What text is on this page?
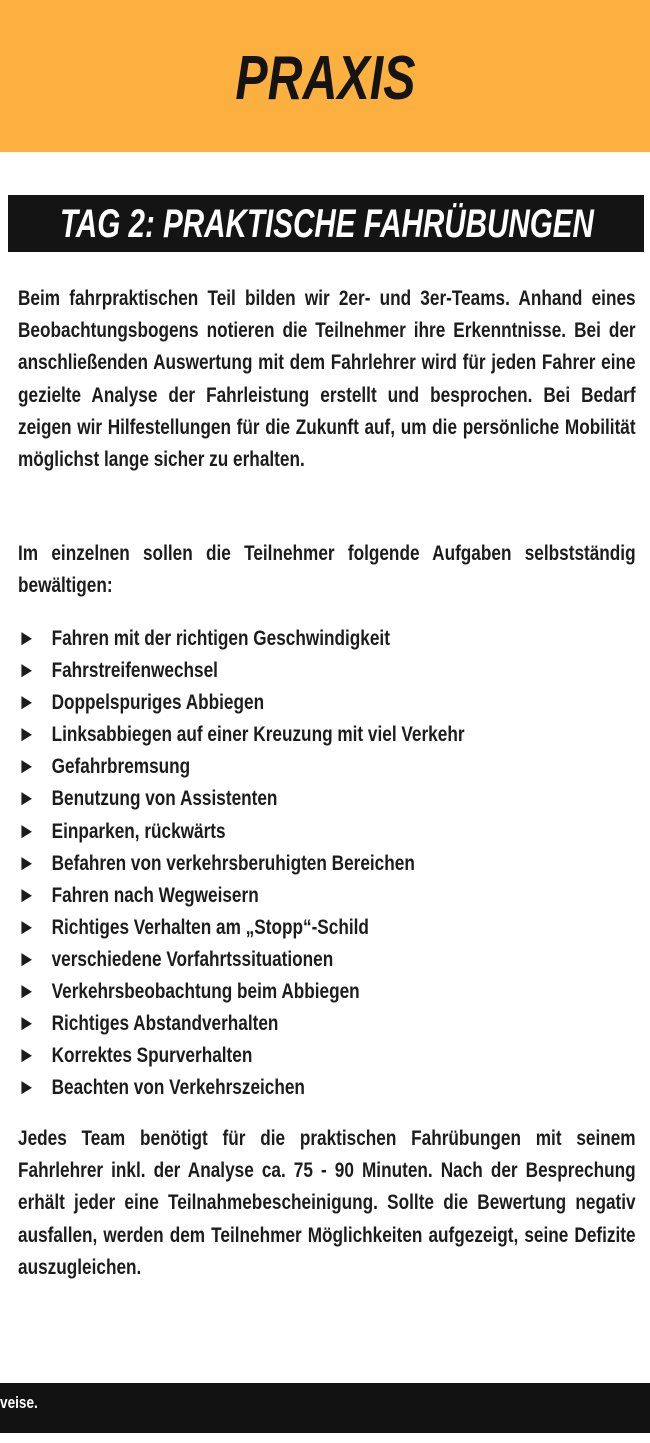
PRAXIS
TAG 2: PRAKTISCHE FAHRÜBUNGEN

Beim fahrpraktischen Teil bilden wir 2er- und 3er-Teams. Anhand eines Beobachtungsbogens notieren die Teilnehmer ihre Erkenntnisse. Bei der anschließenden Auswertung mit dem Fahrlehrer wird für jeden Fahrer eine gezielte Analyse der Fahrleistung erstellt und besprochen. Bei Bedarf zeigen wir Hilfestellungen für die Zukunft auf, um die persönliche Mobilität möglichst lange sicher zu erhalten.

Im einzelnen sollen die Teilnehmer folgende Aufgaben selbstständig bewältigen:

► Fahren mit der richtigen Geschwindigkeit
► Fahrstreifenwechsel
► Doppelspuriges Abbiegen
► Linksabbiegen auf einer Kreuzung mit viel Verkehr
► Gefahrbremsung
► Benutzung von Assistenten
► Einparken, rückwärts
► Befahren von verkehrsberuhigten Bereichen
► Fahren nach Wegweisern
► Richtiges Verhalten am „Stopp“-Schild
► verschiedene Vorfahrtssituationen
► Verkehrsbeobachtung beim Abbiegen
► Richtiges Abstandverhalten
► Korrektes Spurverhalten
► Beachten von Verkehrszeichen

Jedes Team benötigt für die praktischen Fahrübungen mit seinem Fahrlehrer inkl. der Analyse ca. 75 - 90 Minuten. Nach der Besprechung erhält jeder eine Teilnahmebescheinigung. Sollte die Bewertung negativ ausfallen, werden dem Teilnehmer Möglichkeiten aufgezeigt, seine Defizite auszugleichen.

veise.
